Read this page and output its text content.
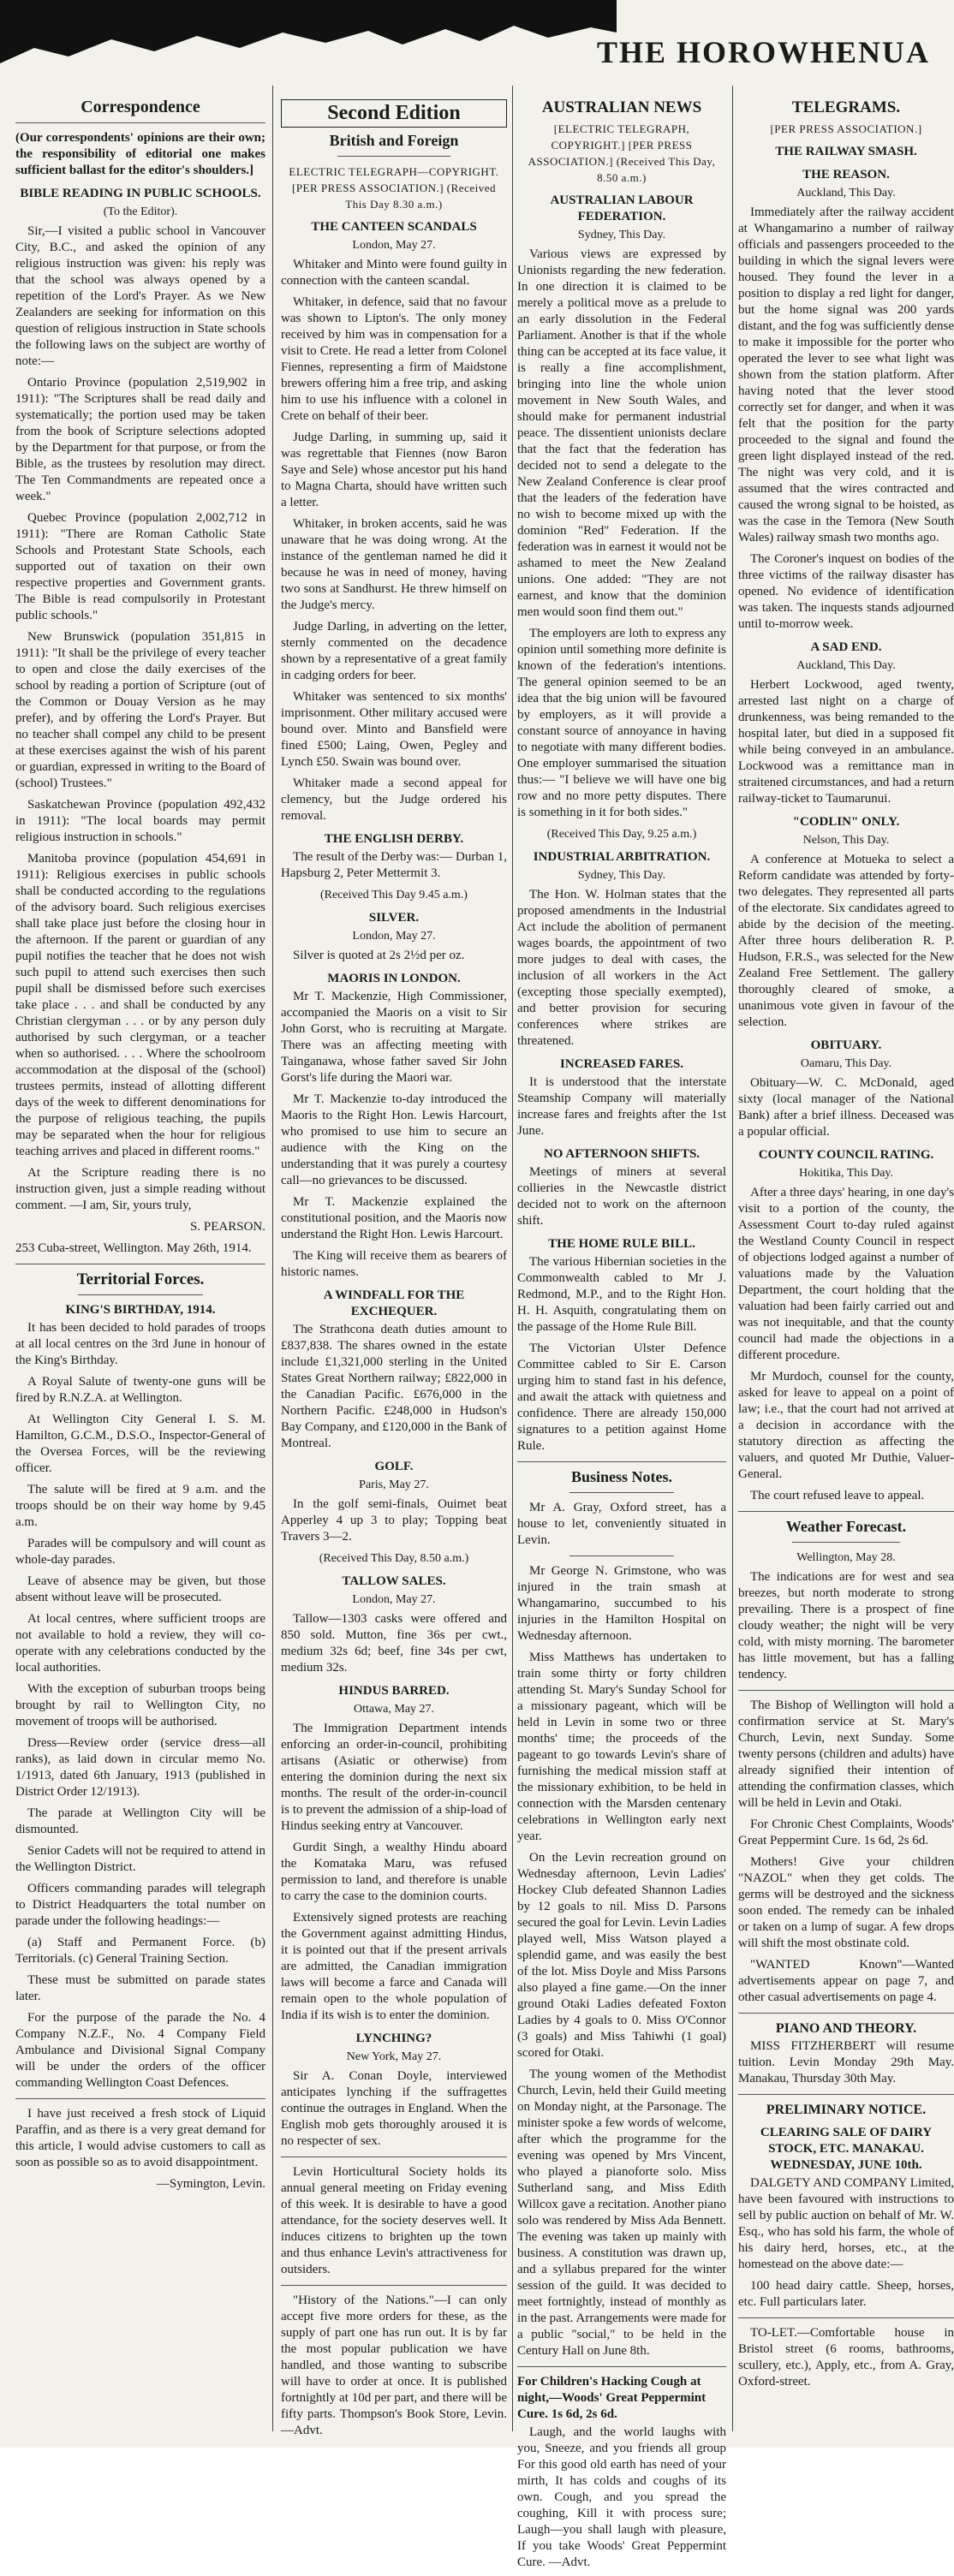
THE HOROWHENUA
Correspondence

(Our correspondents' opinions are their own; the responsibility of editorial one makes sufficient ballast for the editor's shoulders.]

BIBLE READING IN PUBLIC SCHOOLS.
(To the Editor).

Sir,—I visited a public school in Vancouver City, B.C., and asked the opinion of any religious instruction was given: his reply was that the school was always opened by a repetition of the Lord's Prayer. As we New Zealanders are seeking for information on this question of religious instruction in State schools the following laws on the subject are worthy of note:—

Ontario Province (population 2,519,902 in 1911): "The Scriptures shall be read daily and systematically; the portion used may be taken from the book of Scripture selections adopted by the Department for that purpose, or from the Bible, as the trustees by resolution may direct. The Ten Commandments are repeated once a week."

Quebec Province (population 2,002,712 in 1911): "There are Roman Catholic State Schools and Protestant State Schools, each supported out of taxation on their own respective properties and Government grants. The Bible is read compulsorily in Protestant public schools."

New Brunswick (population 351,815 in 1911): "It shall be the privilege of every teacher to open and close the daily exercises of the school by reading a portion of Scripture (out of the Common or Douay Version as he may prefer), and by offering the Lord's Prayer. But no teacher shall compel any child to be present at these exercises against the wish of his parent or guardian, expressed in writing to the Board of (school) Trustees."

Saskatchewan Province (population 492,432 in 1911): "The local boards may permit religious instruction in schools."

Manitoba province (population 454,691 in 1911): Religious exercises in public schools shall be conducted according to the regulations of the advisory board. Such religious exercises shall take place just before the closing hour in the afternoon. If the parent or guardian of any pupil notifies the teacher that he does not wish such pupil to attend such exercises then such pupil shall be dismissed before such exercises take place . . . and shall be conducted by any Christian clergyman . . . or by any person duly authorised by such clergyman, or a teacher when so authorised. . . . Where the schoolroom accommodation at the disposal of the (school) trustees permits, instead of allotting different days of the week to different denominations for the purpose of religious teaching, the pupils may be separated when the hour for religious teaching arrives and placed in different rooms."

At the Scripture reading there is no instruction given, just a simple reading without comment. —I am, Sir, yours truly,

S. PEARSON.

253 Cuba-street, Wellington. May 26th, 1914.

Territorial Forces.
KING'S BIRTHDAY, 1914.

It has been decided to hold parades of troops at all local centres on the 3rd June in honour of the King's Birthday.

A Royal Salute of twenty-one guns will be fired by R.N.Z.A. at Wellington.

At Wellington City General I. S. M. Hamilton, G.C.M., D.S.O., Inspector-General of the Oversea Forces, will be the reviewing officer.

The salute will be fired at 9 a.m. and the troops should be on their way home by 9.45 a.m.

Parades will be compulsory and will count as whole-day parades.

Leave of absence may be given, but those absent without leave will be prosecuted.

At local centres, where sufficient troops are not available to hold a review, they will co-operate with any celebrations conducted by the local authorities.

With the exception of suburban troops being brought by rail to Wellington City, no movement of troops will be authorised.

Dress—Review order (service dress—all ranks), as laid down in circular memo No. 1/1913, dated 6th January, 1913 (published in District Order 12/1913).

The parade at Wellington City will be dismounted.

Senior Cadets will not be required to attend in the Wellington District.

Officers commanding parades will telegraph to District Headquarters the total number on parade under the following headings:—

(a) Staff and Permanent Force. (b) Territorials. (c) General Training Section.

These must be submitted on parade states later.

For the purpose of the parade the No. 4 Company N.Z.F., No. 4 Company Field Ambulance and Divisional Signal Company will be under the orders of the officer commanding Wellington Coast Defences.

I have just received a fresh stock of Liquid Paraffin, and as there is a very great demand for this article, I would advise customers to call as soon as possible so as to avoid disappointment.

—Symington, Levin.

Second Edition
British and Foreign
ELECTRIC TELEGRAPH—COPYRIGHT. [PER PRESS ASSOCIATION.] (Received This Day 8.30 a.m.)
THE CANTEEN SCANDALS
London, May 27.

Whitaker and Minto were found guilty in connection with the canteen scandal.

Whitaker, in defence, said that no favour was shown to Lipton's. The only money received by him was in compensation for a visit to Crete. He read a letter from Colonel Fiennes, representing a firm of Maidstone brewers offering him a free trip, and asking him to use his influence with a colonel in Crete on behalf of their beer.

Judge Darling, in summing up, said it was regrettable that Fiennes (now Baron Saye and Sele) whose ancestor put his hand to Magna Charta, should have written such a letter.

Whitaker, in broken accents, said he was unaware that he was doing wrong. At the instance of the gentleman named he did it because he was in need of money, having two sons at Sandhurst. He threw himself on the Judge's mercy.

Judge Darling, in adverting on the letter, sternly commented on the decadence shown by a representative of a great family in cadging orders for beer.

Whitaker was sentenced to six months' imprisonment. Other military accused were bound over. Minto and Bansfield were fined £500; Laing, Owen, Pegley and Lynch £50. Swain was bound over.

Whitaker made a second appeal for clemency, but the Judge ordered his removal.

THE ENGLISH DERBY.

The result of the Derby was:— Durban 1, Hapsburg 2, Peter Mettermit 3.

(Received This Day 9.45 a.m.)
SILVER.
London, May 27.

Silver is quoted at 2s 2½d per oz.

MAORIS IN LONDON.

Mr T. Mackenzie, High Commissioner, accompanied the Maoris on a visit to Sir John Gorst, who is recruiting at Margate. There was an affecting meeting with Tainganawa, whose father saved Sir John Gorst's life during the Maori war.

Mr T. Mackenzie to-day introduced the Maoris to the Right Hon. Lewis Harcourt, who promised to use him to secure an audience with the King on the understanding that it was purely a courtesy call—no grievances to be discussed.

Mr T. Mackenzie explained the constitutional position, and the Maoris now understand the Right Hon. Lewis Harcourt.

The King will receive them as bearers of historic names.

A WINDFALL FOR THE EXCHEQUER.

The Strathcona death duties amount to £837,838. The shares owned in the estate include £1,321,000 sterling in the United States Great Northern railway; £822,000 in the Canadian Pacific. £676,000 in the Northern Pacific. £248,000 in Hudson's Bay Company, and £120,000 in the Bank of Montreal.

GOLF.
Paris, May 27.

In the golf semi-finals, Ouimet beat Apperley 4 up 3 to play; Topping beat Travers 3—2.

(Received This Day, 8.50 a.m.)
TALLOW SALES.
London, May 27.

Tallow—1303 casks were offered and 850 sold. Mutton, fine 36s per cwt., medium 32s 6d; beef, fine 34s per cwt, medium 32s.

HINDUS BARRED.
Ottawa, May 27.

The Immigration Department intends enforcing an order-in-council, prohibiting artisans (Asiatic or otherwise) from entering the dominion during the next six months. The result of the order-in-council is to prevent the admission of a ship-load of Hindus seeking entry at Vancouver.

Gurdit Singh, a wealthy Hindu aboard the Komataka Maru, was refused permission to land, and therefore is unable to carry the case to the dominion courts.

Extensively signed protests are reaching the Government against admitting Hindus, it is pointed out that if the present arrivals are admitted, the Canadian immigration laws will become a farce and Canada will remain open to the whole population of India if its wish is to enter the dominion.

LYNCHING?
New York, May 27.

Sir A. Conan Doyle, interviewed anticipates lynching if the suffragettes continue the outrages in England. When the English mob gets thoroughly aroused it is no respecter of sex.

Levin Horticultural Society holds its annual general meeting on Friday evening of this week. It is desirable to have a good attendance, for the society deserves well. It induces citizens to brighten up the town and thus enhance Levin's attractiveness for outsiders.

"History of the Nations."—I can only accept five more orders for these, as the supply of part one has run out. It is by far the most popular publication we have handled, and those wanting to subscribe will have to order at once. It is published fortnightly at 10d per part, and there will be fifty parts. Thompson's Book Store, Levin.—Advt.

AUSTRALIAN NEWS
[ELECTRIC TELEGRAPH, COPYRIGHT.] [PER PRESS ASSOCIATION.] (Received This Day, 8.50 a.m.)
AUSTRALIAN LABOUR FEDERATION.
Sydney, This Day.

Various views are expressed by Unionists regarding the new federation. In one direction it is claimed to be merely a political move as a prelude to an early dissolution in the Federal Parliament. Another is that if the whole thing can be accepted at its face value, it is really a fine accomplishment, bringing into line the whole union movement in New South Wales, and should make for permanent industrial peace. The dissentient unionists declare that the fact that the federation has decided not to send a delegate to the New Zealand Conference is clear proof that the leaders of the federation have no wish to become mixed up with the dominion "Red" Federation. If the federation was in earnest it would not be ashamed to meet the New Zealand unions. One added: "They are not earnest, and know that the dominion men would soon find them out."

The employers are loth to express any opinion until something more definite is known of the federation's intentions. The general opinion seemed to be an idea that the big union will be favoured by employers, as it will provide a constant source of annoyance in having to negotiate with many different bodies. One employer summarised the situation thus:— "I believe we will have one big row and no more petty disputes. There is something in it for both sides."

(Received This Day, 9.25 a.m.)
INDUSTRIAL ARBITRATION.
Sydney, This Day.

The Hon. W. Holman states that the proposed amendments in the Industrial Act include the abolition of permanent wages boards, the appointment of two more judges to deal with cases, the inclusion of all workers in the Act (excepting those specially exempted), and better provision for securing conferences where strikes are threatened.

INCREASED FARES.

It is understood that the interstate Steamship Company will materially increase fares and freights after the 1st June.

NO AFTERNOON SHIFTS.

Meetings of miners at several collieries in the Newcastle district decided not to work on the afternoon shift.

THE HOME RULE BILL.

The various Hibernian societies in the Commonwealth cabled to Mr J. Redmond, M.P., and to the Right Hon. H. H. Asquith, congratulating them on the passage of the Home Rule Bill.

The Victorian Ulster Defence Committee cabled to Sir E. Carson urging him to stand fast in his defence, and await the attack with quietness and confidence. There are already 150,000 signatures to a petition against Home Rule.

Business Notes.

Mr A. Gray, Oxford street, has a house to let, conveniently situated in Levin.

Mr George N. Grimstone, who was injured in the train smash at Whangamarino, succumbed to his injuries in the Hamilton Hospital on Wednesday afternoon.

Miss Matthews has undertaken to train some thirty or forty children attending St. Mary's Sunday School for a missionary pageant, which will be held in Levin in some two or three months' time; the proceeds of the pageant to go towards Levin's share of furnishing the medical mission staff at the missionary exhibition, to be held in connection with the Marsden centenary celebrations in Wellington early next year.

On the Levin recreation ground on Wednesday afternoon, Levin Ladies' Hockey Club defeated Shannon Ladies by 12 goals to nil. Miss D. Parsons secured the goal for Levin. Levin Ladies played well, Miss Watson played a splendid game, and was easily the best of the lot. Miss Doyle and Miss Parsons also played a fine game.—On the inner ground Otaki Ladies defeated Foxton Ladies by 4 goals to 0. Miss O'Connor (3 goals) and Miss Tahiwhi (1 goal) scored for Otaki.

The young women of the Methodist Church, Levin, held their Guild meeting on Monday night, at the Parsonage. The minister spoke a few words of welcome, after which the programme for the evening was opened by Mrs Vincent, who played a pianoforte solo. Miss Sutherland sang, and Miss Edith Willcox gave a recitation. Another piano solo was rendered by Miss Ada Bennett. The evening was taken up mainly with business. A constitution was drawn up, and a syllabus prepared for the winter session of the guild. It was decided to meet fortnightly, instead of monthly as in the past. Arrangements were made for a public "social," to be held in the Century Hall on June 8th.

For Children's Hacking Cough at night,—Woods' Great Peppermint Cure. 1s 6d, 2s 6d.

Laugh, and the world laughs with you, Sneeze, and you friends all group For this good old earth has need of your mirth, It has colds and coughs of its own. Cough, and you spread the coughing, Kill it with process sure; Laugh—you shall laugh with pleasure, If you take Woods' Great Peppermint Cure. —Advt.

TELEGRAMS.
[PER PRESS ASSOCIATION.]
THE RAILWAY SMASH.
THE REASON.
Auckland, This Day.

Immediately after the railway accident at Whangamarino a number of railway officials and passengers proceeded to the building in which the signal levers were housed. They found the lever in a position to display a red light for danger, but the home signal was 200 yards distant, and the fog was sufficiently dense to make it impossible for the porter who operated the lever to see what light was shown from the station platform. After having noted that the lever stood correctly set for danger, and when it was felt that the position for the party proceeded to the signal and found the green light displayed instead of the red. The night was very cold, and it is assumed that the wires contracted and caused the wrong signal to be hoisted, as was the case in the Temora (New South Wales) railway smash two months ago.

The Coroner's inquest on bodies of the three victims of the railway disaster has opened. No evidence of identification was taken. The inquests stands adjourned until to-morrow week.

A SAD END.
Auckland, This Day.

Herbert Lockwood, aged twenty, arrested last night on a charge of drunkenness, was being remanded to the hospital later, but died in a supposed fit while being conveyed in an ambulance. Lockwood was a remittance man in straitened circumstances, and had a return railway-ticket to Taumarunui.

"CODLIN" ONLY.
Nelson, This Day.

A conference at Motueka to select a Reform candidate was attended by forty-two delegates. They represented all parts of the electorate. Six candidates agreed to abide by the decision of the meeting. After three hours deliberation R. P. Hudson, F.R.S., was selected for the New Zealand Free Settlement. The gallery thoroughly cleared of smoke, a unanimous vote given in favour of the selection.

OBITUARY.
Oamaru, This Day.

Obituary—W. C. McDonald, aged sixty (local manager of the National Bank) after a brief illness. Deceased was a popular official.

COUNTY COUNCIL RATING.
Hokitika, This Day.

After a three days' hearing, in one day's visit to a portion of the county, the Assessment Court to-day ruled against the Westland County Council in respect of objections lodged against a number of valuations made by the Valuation Department, the court holding that the valuation had been fairly carried out and was not inequitable, and that the county council had made the objections in a different procedure.

Mr Murdoch, counsel for the county, asked for leave to appeal on a point of law; i.e., that the court had not arrived at a decision in accordance with the statutory direction as affecting the valuers, and quoted Mr Duthie, Valuer-General.

The court refused leave to appeal.

Weather Forecast.
Wellington, May 28.

The indications are for west and sea breezes, but north moderate to strong prevailing. There is a prospect of fine cloudy weather; the night will be very cold, with misty morning. The barometer has little movement, but has a falling tendency.

The Bishop of Wellington will hold a confirmation service at St. Mary's Church, Levin, next Sunday. Some twenty persons (children and adults) have already signified their intention of attending the confirmation classes, which will be held in Levin and Otaki.

For Chronic Chest Complaints, Woods' Great Peppermint Cure. 1s 6d, 2s 6d.

Mothers! Give your children "NAZOL" when they get colds. The germs will be destroyed and the sickness soon ended. The remedy can be inhaled or taken on a lump of sugar. A few drops will shift the most obstinate cold.

"WANTED Known"—Wanted advertisements appear on page 7, and other casual advertisements on page 4.

PIANO AND THEORY.

MISS FITZHERBERT will resume tuition. Levin Monday 29th May. Manakau, Thursday 30th May.

PRELIMINARY NOTICE.
CLEARING SALE OF DAIRY STOCK, ETC. MANAKAU. WEDNESDAY, JUNE 10th.

DALGETY AND COMPANY Limited, have been favoured with instructions to sell by public auction on behalf of Mr. W. Esq., who has sold his farm, the whole of his dairy herd, horses, etc., at the homestead on the above date:—

100 head dairy cattle. Sheep, horses, etc. Full particulars later.

TO-LET.—Comfortable house in Bristol street (6 rooms, bathrooms, scullery, etc.), Apply, etc., from A. Gray, Oxford-street.
